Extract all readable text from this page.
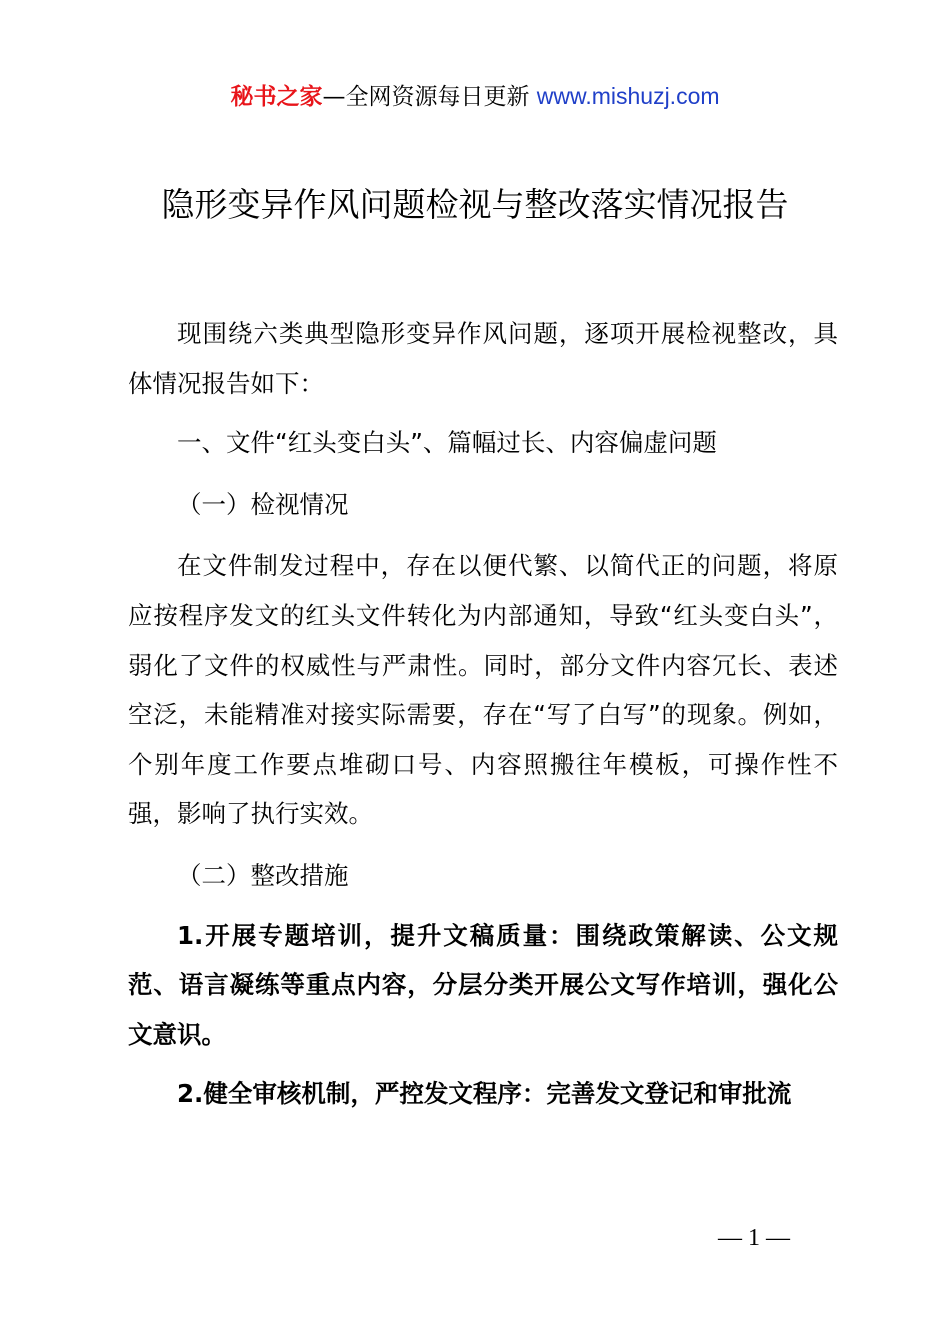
秘书之家—全网资源每日更新 www.mishuzj.com
隐形变异作风问题检视与整改落实情况报告

现围绕六类典型隐形变异作风问题，逐项开展检视整改，具体情况报告如下：

一、文件“红头变白头”、篇幅过长、内容偏虚问题

（一）检视情况

在文件制发过程中，存在以便代繁、以简代正的问题，将原应按程序发文的红头文件转化为内部通知，导致“红头变白头”，弱化了文件的权威性与严肃性。同时，部分文件内容冗长、表述空泛，未能精准对接实际需要，存在“写了白写”的现象。例如，个别年度工作要点堆砌口号、内容照搬往年模板，可操作性不强，影响了执行实效。

（二）整改措施

1.开展专题培训，提升文稿质量：围绕政策解读、公文规范、语言凝练等重点内容，分层分类开展公文写作培训，强化公文意识。

2.健全审核机制，严控发文程序：完善发文登记和审批流

— 1 —
